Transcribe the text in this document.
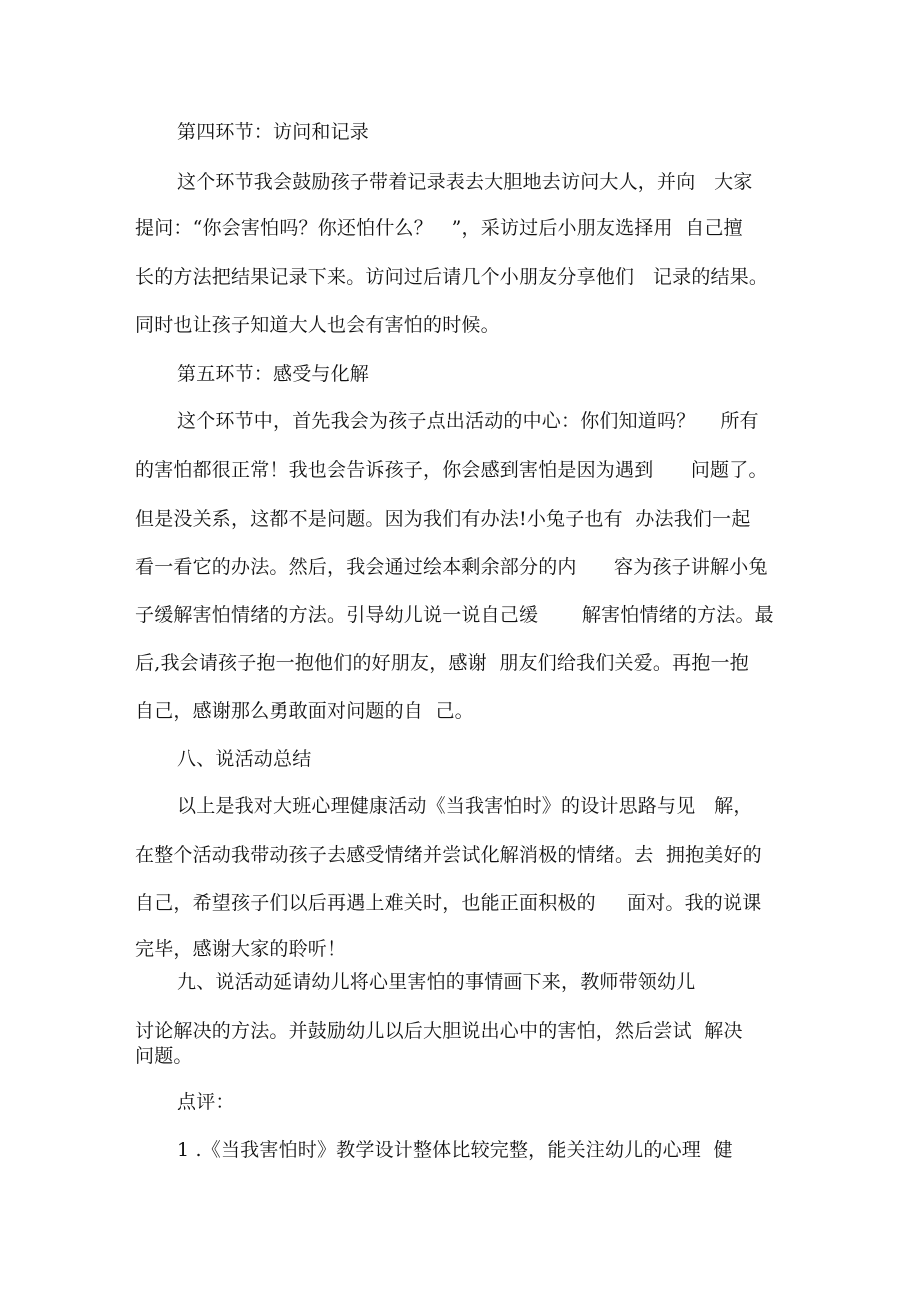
第四环节：访问和记录
这个环节我会鼓励孩子带着记录表去大胆地去访问大人，并向   大家
提问：“你会害怕吗？你还怕什么？   ”，采访过后小朋友选择用  自己擅
长的方法把结果记录下来。访问过后请几个小朋友分享他们   记录的结果。
同时也让孩子知道大人也会有害怕的时候。
第五环节：感受与化解
这个环节中，首先我会为孩子点出活动的中心：你们知道吗？    所有
的害怕都很正常！我也会告诉孩子，你会感到害怕是因为遇到      问题了。
但是没关系，这都不是问题。因为我们有办法!小兔子也有  办法我们一起
看一看它的办法。然后，我会通过绘本剩余部分的内      容为孩子讲解小兔
子缓解害怕情绪的方法。引导幼儿说一说自己缓       解害怕情绪的方法。最
后,我会请孩子抱一抱他们的好朋友，感谢  朋友们给我们关爱。再抱一抱
自己，感谢那么勇敢面对问题的自  己。
八、说活动总结
以上是我对大班心理健康活动《当我害怕时》的设计思路与见   解，
在整个活动我带动孩子去感受情绪并尝试化解消极的情绪。去  拥抱美好的
自己，希望孩子们以后再遇上难关时，也能正面积极的     面对。我的说课
完毕，感谢大家的聆听！
九、说活动延请幼儿将心里害怕的事情画下来，教师带领幼儿
讨论解决的方法。并鼓励幼儿以后大胆说出心中的害怕，然后尝试  解决
问题。
点评：
1 .《当我害怕时》教学设计整体比较完整，能关注幼儿的心理  健
